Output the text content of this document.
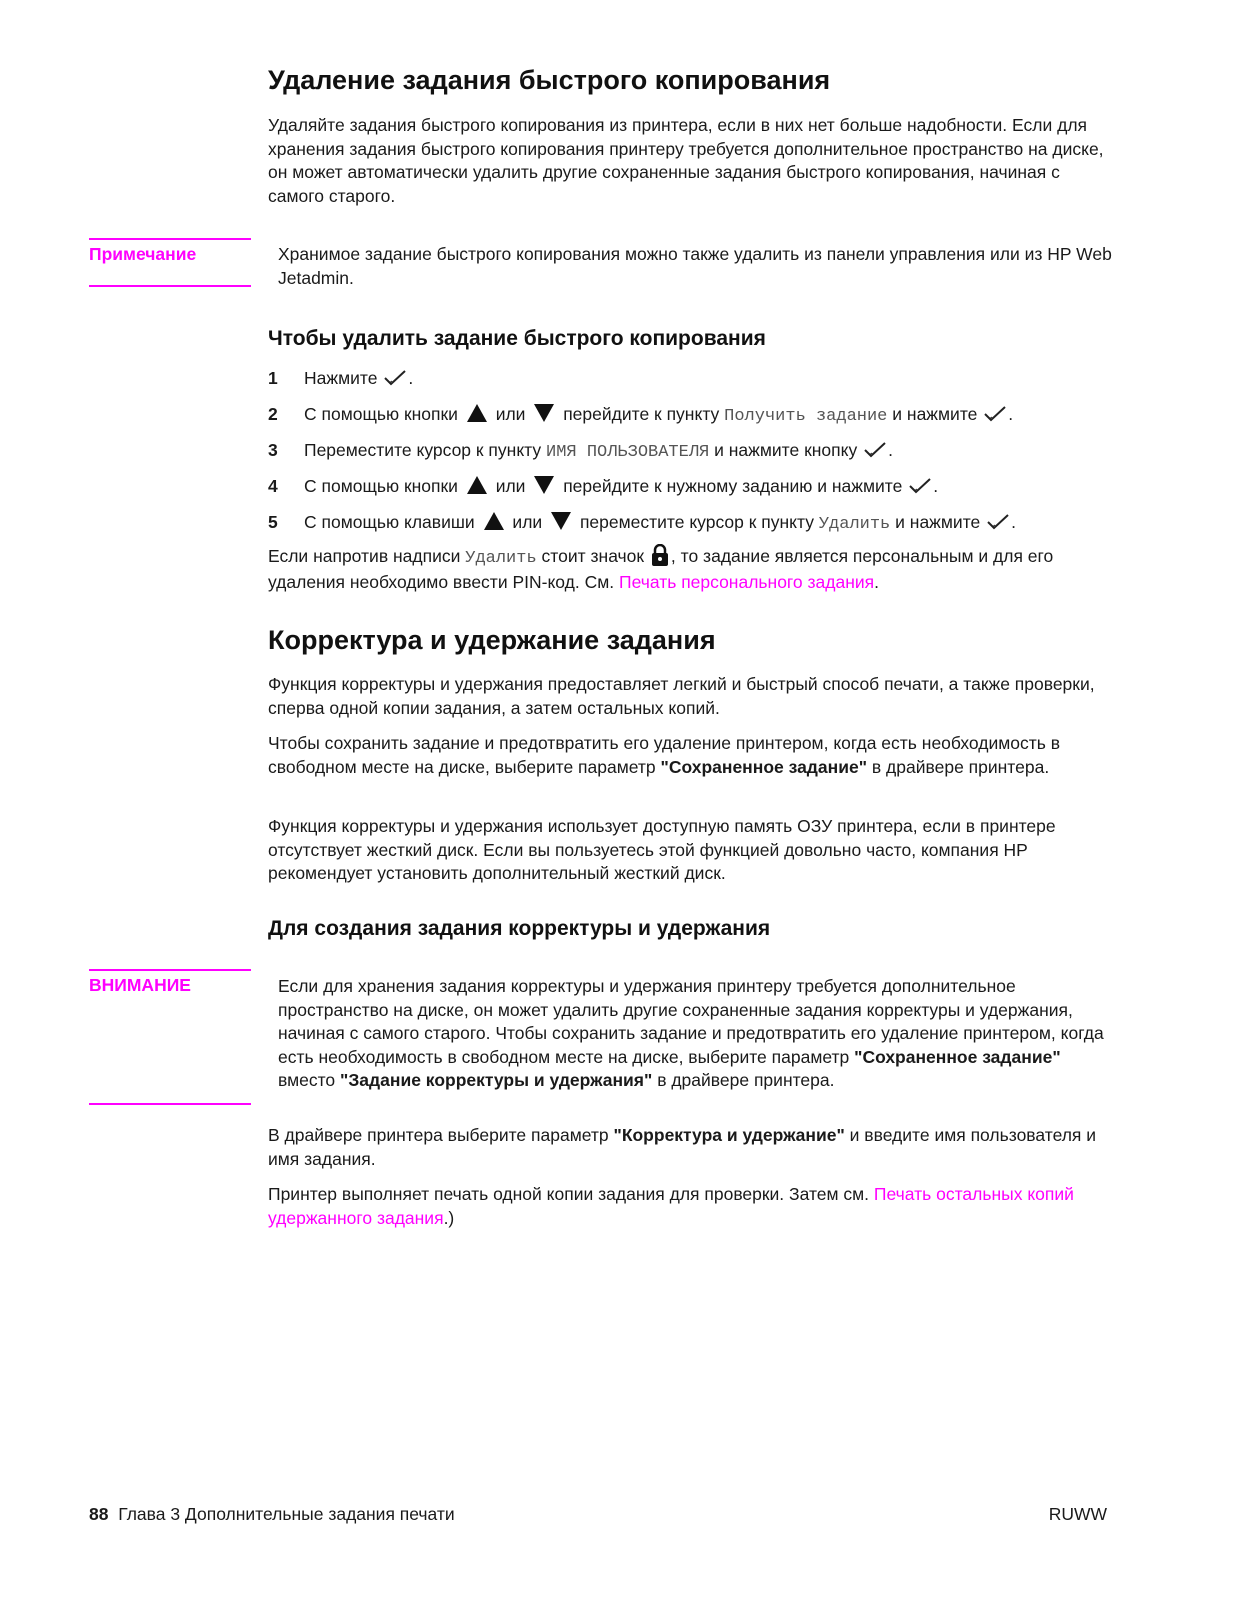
Удаление задания быстрого копирования

Удаляйте задания быстрого копирования из принтера, если в них нет больше надобности. Если для хранения задания быстрого копирования принтеру требуется дополнительное пространство на диске, он может автоматически удалить другие сохраненные задания быстрого копирования, начиная с самого старого.

Примечание	Хранимое задание быстрого копирования можно также удалить из панели управления или из HP Web Jetadmin.
Чтобы удалить задание быстрого копирования
1 Нажмите .
2 С помощью кнопки или перейдите к пункту Получить задание и нажмите .
3 Переместите курсор к пункту ИМЯ ПОЛЬЗОВАТЕЛЯ и нажмите кнопку .
4 С помощью кнопки или перейдите к нужному заданию и нажмите .
5 С помощью клавиши или переместите курсор к пункту Удалить и нажмите .

Если напротив надписи Удалить стоит значок , то задание является персональным и для его удаления необходимо ввести PIN-код. См. Печать персонального задания.

Корректура и удержание задания

Функция корректуры и удержания предоставляет легкий и быстрый способ печати, а также проверки, сперва одной копии задания, а затем остальных копий.

Чтобы сохранить задание и предотвратить его удаление принтером, когда есть необходимость в свободном месте на диске, выберите параметр "Сохраненное задание" в драйвере принтера.

Функция корректуры и удержания использует доступную память ОЗУ принтера, если в принтере отсутствует жесткий диск. Если вы пользуетесь этой функцией довольно часто, компания HP рекомендует установить дополнительный жесткий диск.

Для создания задания корректуры и удержания
ВНИМАНИЕ	Если для хранения задания корректуры и удержания принтеру требуется дополнительное пространство на диске, он может удалить другие сохраненные задания корректуры и удержания, начиная с самого старого. Чтобы сохранить задание и предотвратить его удаление принтером, когда есть необходимость в свободном месте на диске, выберите параметр "Сохраненное задание" вместо "Задание корректуры и удержания" в драйвере принтера.

В драйвере принтера выберите параметр "Корректура и удержание" и введите имя пользователя и имя задания.

Принтер выполняет печать одной копии задания для проверки. Затем см. Печать остальных копий удержанного задания.)

88 Глава 3 Дополнительные задания печати	RUWW
